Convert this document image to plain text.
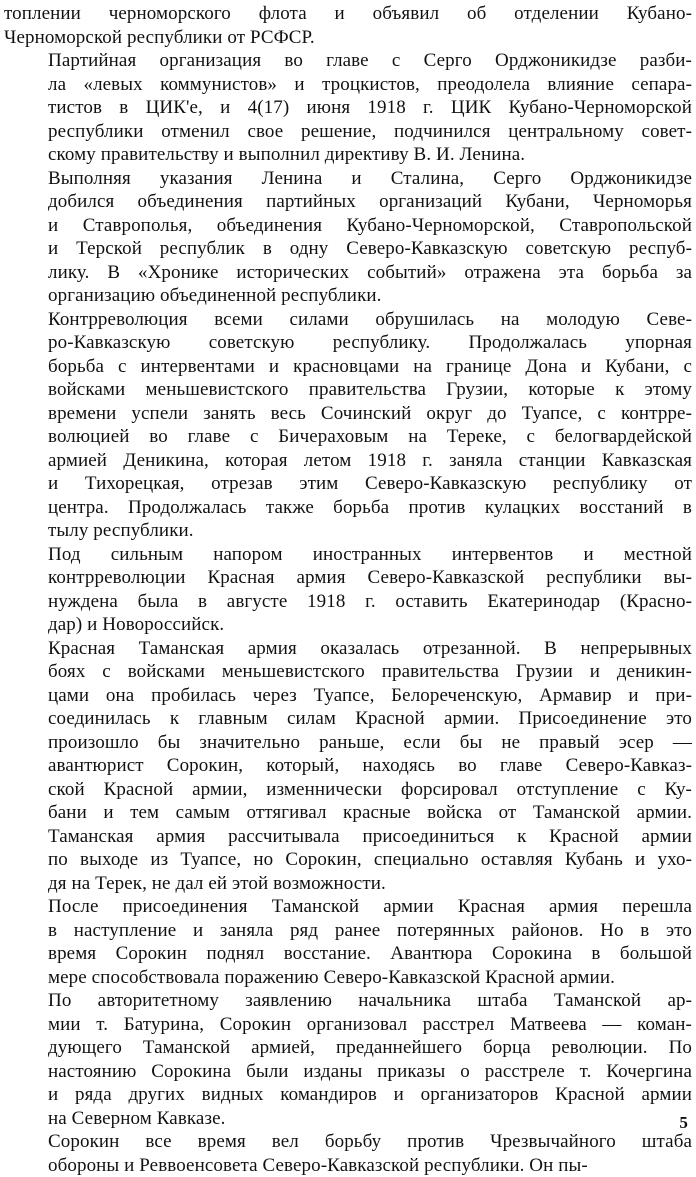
топлении черноморского флота и объявил об отделении Кубано-
Черноморской республики от РСФСР.

Партийная организация во главе с Серго Орджоникидзе разби-
ла «левых коммунистов» и троцкистов, преодолела влияние сепара-
тистов в ЦИК'е, и 4(17) июня 1918 г. ЦИК Кубано-Черноморской
республики отменил свое решение, подчинился центральному совет-
скому правительству и выполнил директиву В. И. Ленина.

Выполняя указания Ленина и Сталина, Серго Орджоникидзе
добился объединения партийных организаций Кубани, Черноморья
и Ставрополья, объединения Кубано-Черноморской, Ставропольской
и Терской республик в одну Северо-Кавказскую советскую респуб-
лику. В «Хронике исторических событий» отражена эта борьба за
организацию объединенной республики.

Контрреволюция всеми силами обрушилась на молодую Севе-
ро-Кавказскую советскую республику. Продолжалась упорная
борьба с интервентами и красновцами на границе Дона и Кубани, с
войсками меньшевистского правительства Грузии, которые к этому
времени успели занять весь Сочинский округ до Туапсе, с контрре-
волюцией во главе с Бичераховым на Тереке, с белогвардейской
армией Деникина, которая летом 1918 г. заняла станции Кавказская
и Тихорецкая, отрезав этим Северо-Кавказскую республику от
центра. Продолжалась также борьба против кулацких восстаний в
тылу республики.

Под сильным напором иностранных интервентов и местной
контрреволюции Красная армия Северо-Кавказской республики вы-
нуждена была в августе 1918 г. оставить Екатеринодар (Красно-
дар) и Новороссийск.

Красная Таманская армия оказалась отрезанной. В непрерывных
боях с войсками меньшевистского правительства Грузии и деникин-
цами она пробилась через Туапсе, Белореченскую, Армавир и при-
соединилась к главным силам Красной армии. Присоединение это
произошло бы значительно раньше, если бы не правый эсер —
авантюрист Сорокин, который, находясь во главе Северо-Кавказ-
ской Красной армии, изменнически форсировал отступление с Ку-
бани и тем самым оттягивал красные войска от Таманской армии.
Таманская армия рассчитывала присоединиться к Красной армии
по выходе из Туапсе, но Сорокин, специально оставляя Кубань и ухо-
дя на Терек, не дал ей этой возможности.

После присоединения Таманской армии Красная армия перешла
в наступление и заняла ряд ранее потерянных районов. Но в это
время Сорокин поднял восстание. Авантюра Сорокина в большой
мере способствовала поражению Северо-Кавказской Красной армии.

По авторитетному заявлению начальника штаба Таманской ар-
мии т. Батурина, Сорокин организовал расстрел Матвеева — коман-
дующего Таманской армией, преданнейшего борца революции. По
настоянию Сорокина были изданы приказы о расстреле т. Кочергина
и ряда других видных командиров и организаторов Красной армии
на Северном Кавказе.

Сорокин все время вел борьбу против Чрезвычайного штаба
обороны и Реввоенсовета Северо-Кавказской республики. Он пы-

5
